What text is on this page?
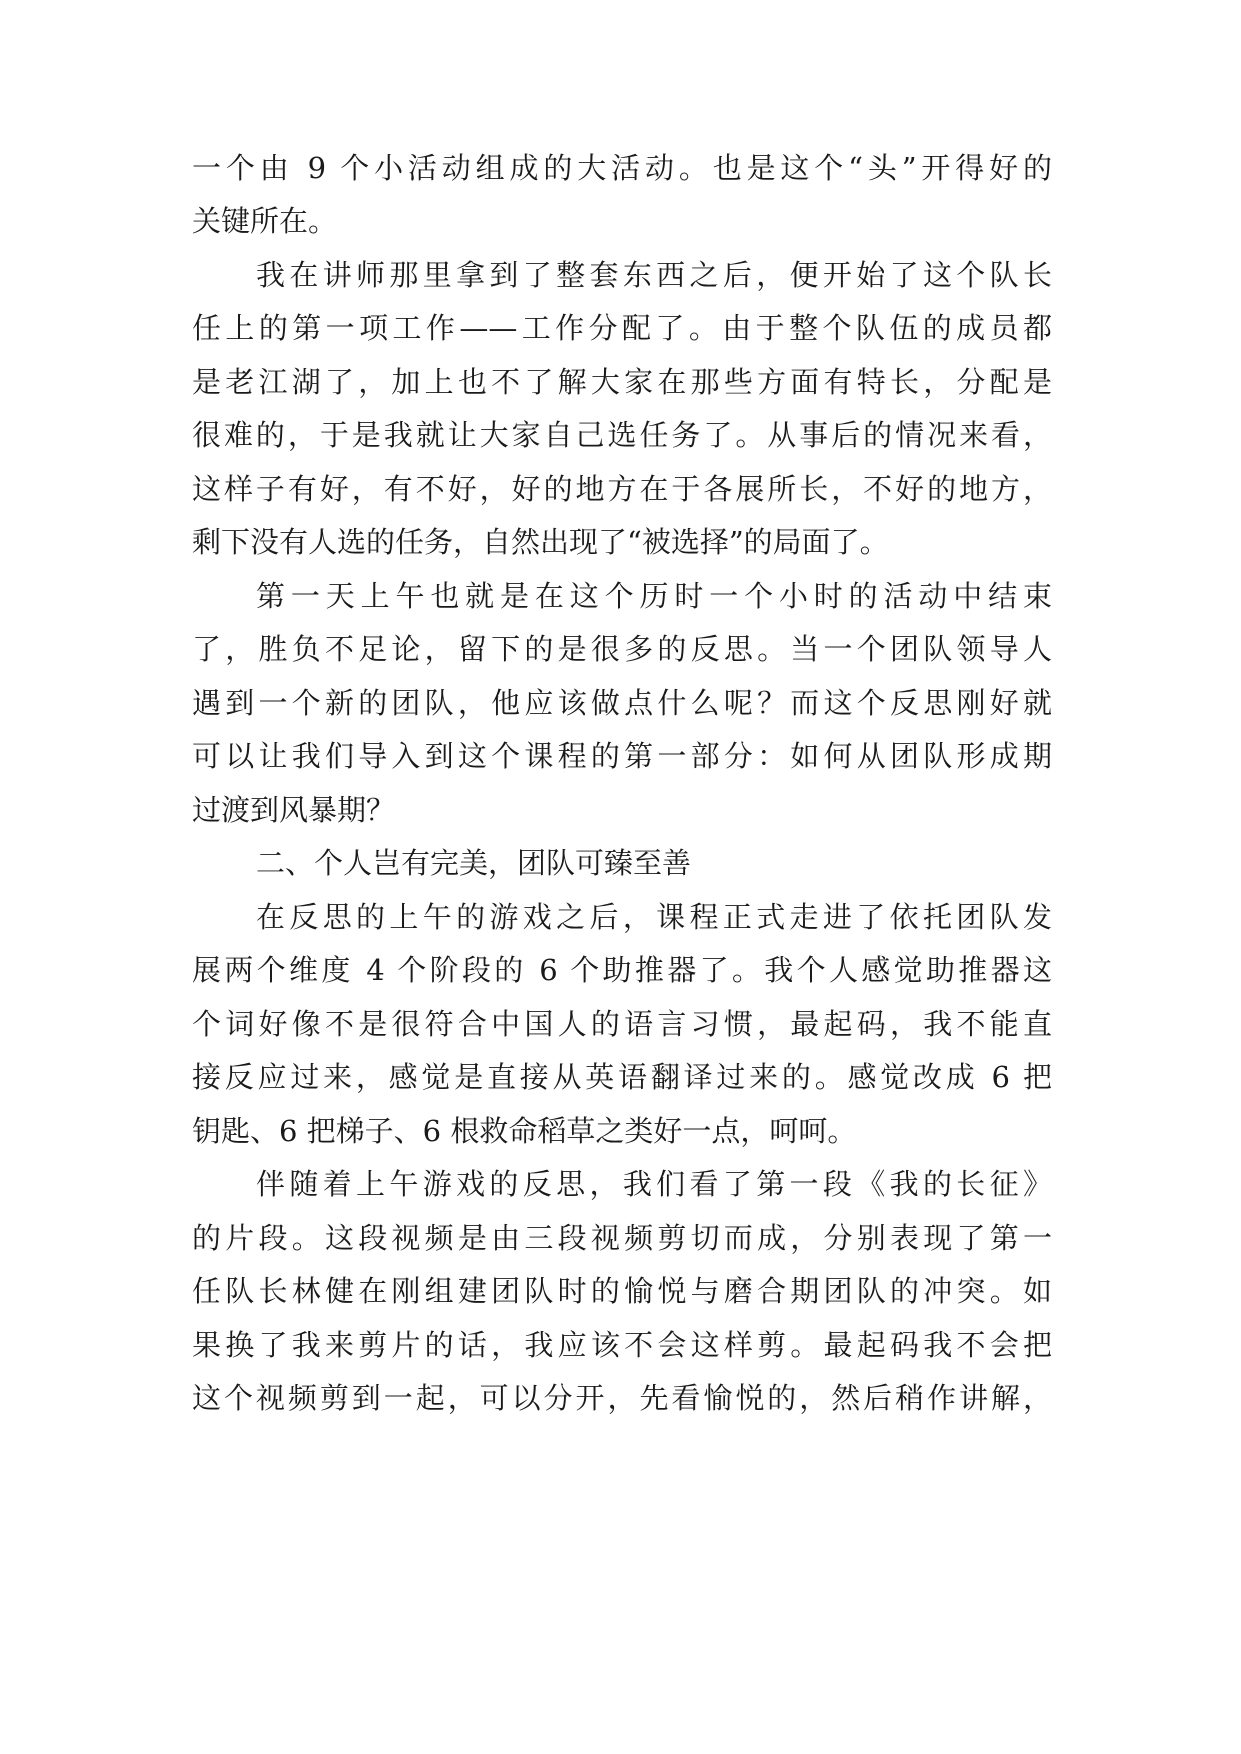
一个由 9 个小活动组成的大活动。也是这个“头”开得好的
关键所在。
我在讲师那里拿到了整套东西之后，便开始了这个队长
任上的第一项工作——工作分配了。由于整个队伍的成员都
是老江湖了，加上也不了解大家在那些方面有特长，分配是
很难的，于是我就让大家自己选任务了。从事后的情况来看，
这样子有好，有不好，好的地方在于各展所长，不好的地方，
剩下没有人选的任务，自然出现了“被选择”的局面了。
第一天上午也就是在这个历时一个小时的活动中结束
了，胜负不足论，留下的是很多的反思。当一个团队领导人
遇到一个新的团队，他应该做点什么呢？而这个反思刚好就
可以让我们导入到这个课程的第一部分：如何从团队形成期
过渡到风暴期？
二、个人岂有完美，团队可臻至善
在反思的上午的游戏之后，课程正式走进了依托团队发
展两个维度 4 个阶段的 6 个助推器了。我个人感觉助推器这
个词好像不是很符合中国人的语言习惯，最起码，我不能直
接反应过来，感觉是直接从英语翻译过来的。感觉改成 6 把
钥匙、6 把梯子、6 根救命稻草之类好一点，呵呵。
伴随着上午游戏的反思，我们看了第一段《我的长征》
的片段。这段视频是由三段视频剪切而成，分别表现了第一
任队长林健在刚组建团队时的愉悦与磨合期团队的冲突。如
果换了我来剪片的话，我应该不会这样剪。最起码我不会把
这个视频剪到一起，可以分开，先看愉悦的，然后稍作讲解，
